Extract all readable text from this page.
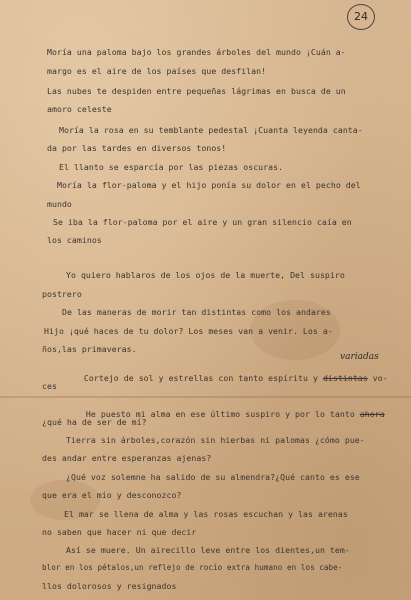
24
Moría una paloma bajo los grandes árboles del mundo ¡Cuán a-
margo es el aire de los países que desfilan!
Las nubes te despiden entre pequeñas lágrimas en busca de un
amoro celeste
Moría la rosa en su temblante pedestal ¡Cuanta leyenda canta-
da por las tardes en diversos tonos!
El llanto se esparcía por las piezas oscuras.
Moría la flor-paloma y el hijo ponía su dolor en el pecho del
mundo
Se iba la flor-paloma por el aire y un gran silencio caía en
los caminos
Yo quiero hablaros de los ojos de la muerte, Del suspiro
postrero
De las maneras de morir tan distintas como los andares
Hijo ¡qué haces de tu dolor? Los meses van a venir. Los a-
ños,las primaveras.

Cortejo de sol y estrellas con tanto espíritu y distintas vo-

variadas
ces

He puesto mi alma en ese último suspiro y por lo tanto ahora

¿qué ha de ser de mí?
Tierra sin árboles,corazón sin hierbas ni palomas ¿cómo pue-
des andar entre esperanzas ajenas?
¿Qué voz solemne ha salido de su almendra?¿Qué canto es ese
que era el mío y desconozco?
El mar se llena de alma y las rosas escuchan y las arenas
no saben que hacer ni que decir
Así se muere. Un airecillo leve entre los dientes,un tem-
blor en los pétalos,un reflejo de rocío extra humano en los cabe-
llos dolorosos y resignados
